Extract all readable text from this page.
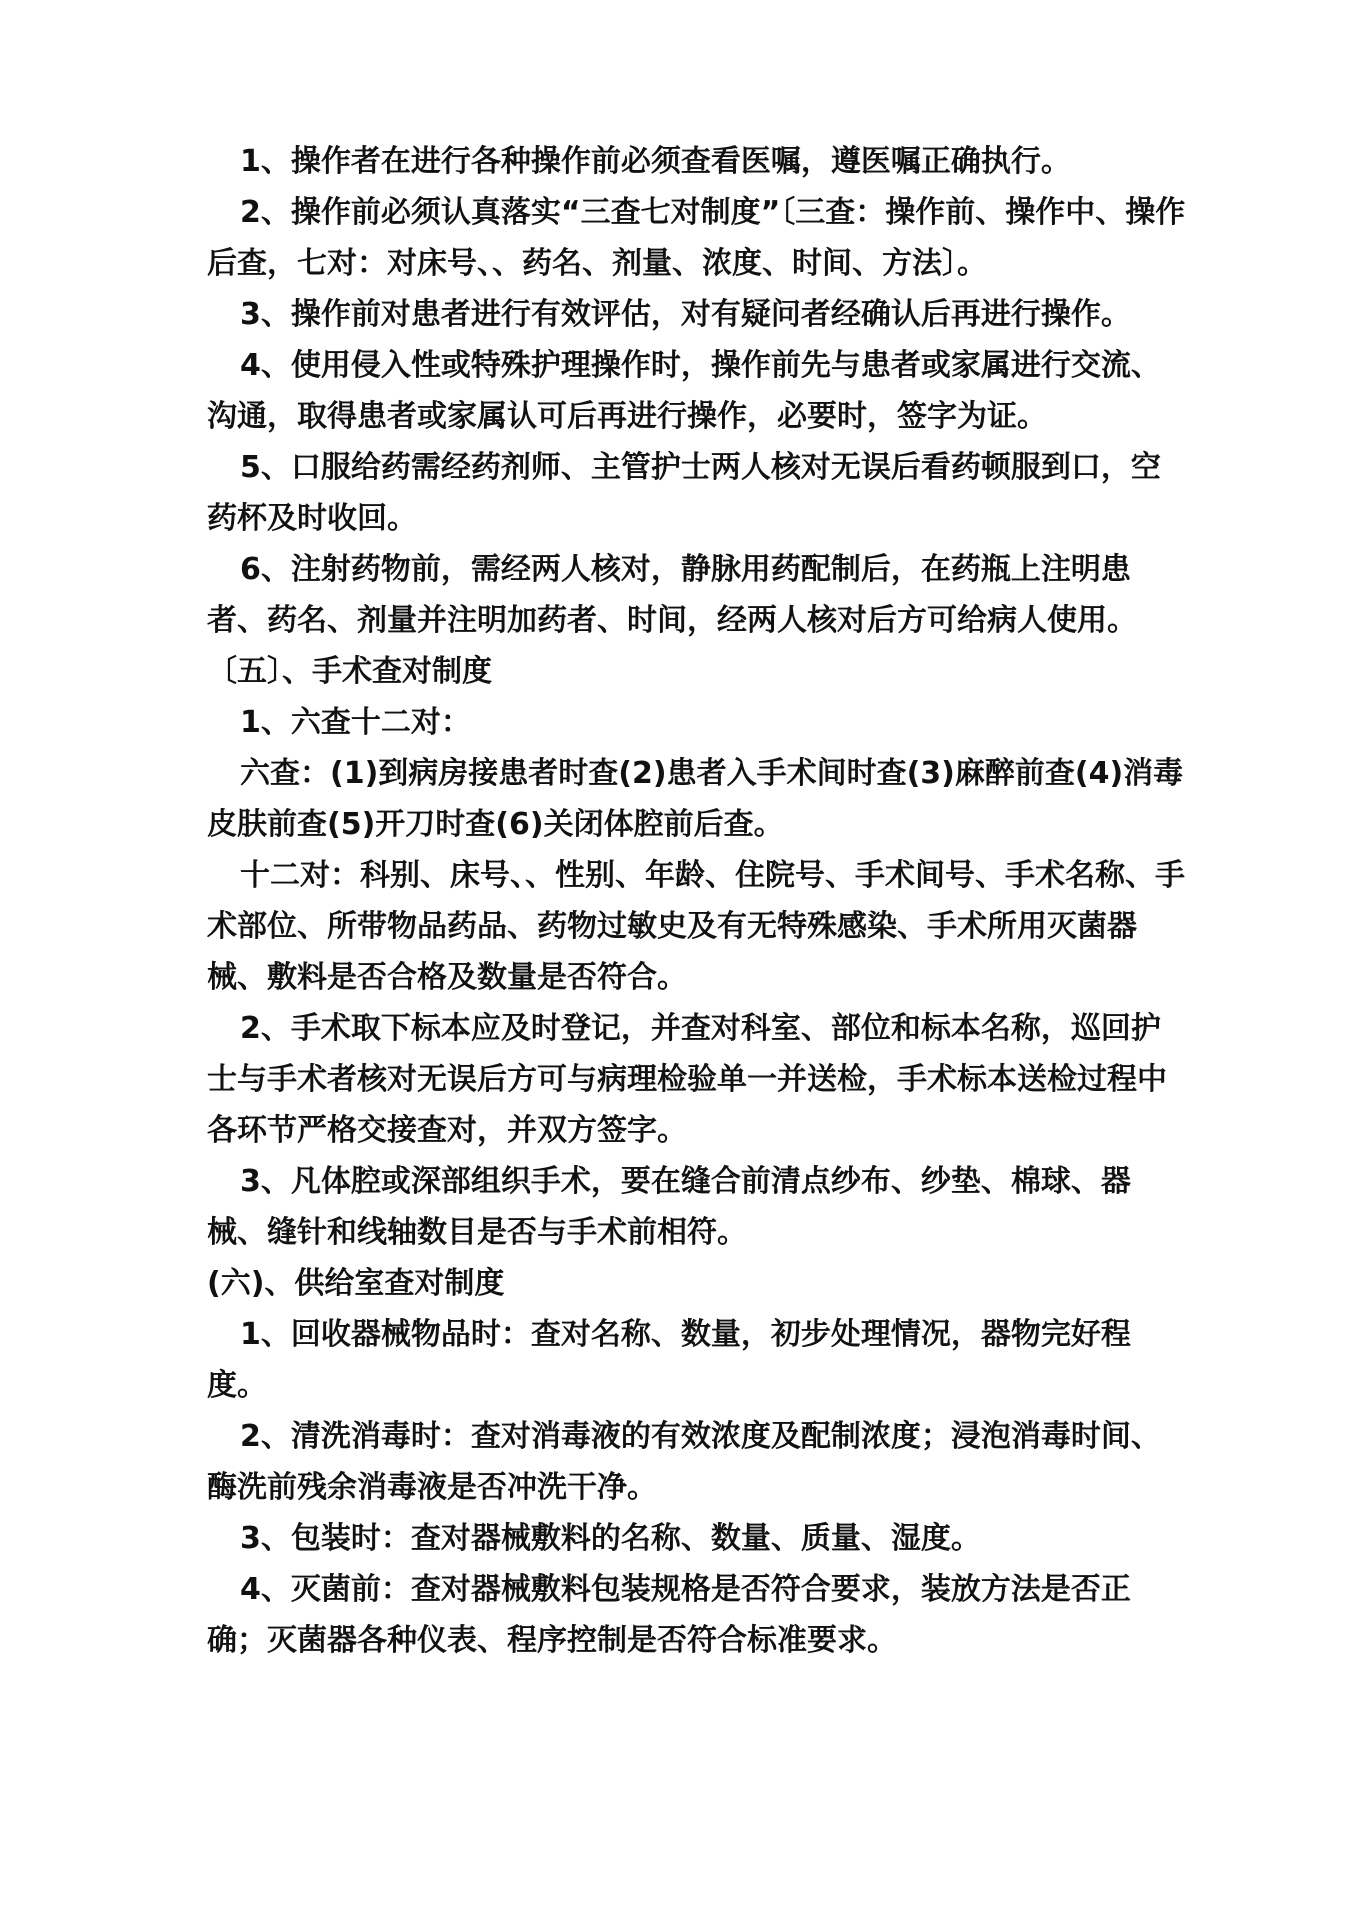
1、操作者在进行各种操作前必须查看医嘱，遵医嘱正确执行。

2、操作前必须认真落实“三查七对制度”〔三查：操作前、操作中、操作后查，七对：对床号、、药名、剂量、浓度、时间、方法〕。

3、操作前对患者进行有效评估，对有疑问者经确认后再进行操作。

4、使用侵入性或特殊护理操作时，操作前先与患者或家属进行交流、沟通，取得患者或家属认可后再进行操作，必要时，签字为证。

5、口服给药需经药剂师、主管护士两人核对无误后看药顿服到口，空药杯及时收回。

6、注射药物前，需经两人核对，静脉用药配制后，在药瓶上注明患者、药名、剂量并注明加药者、时间，经两人核对后方可给病人使用。

〔五〕、手术查对制度

1、六查十二对：

六查：(1)到病房接患者时查(2)患者入手术间时查(3)麻醉前查(4)消毒皮肤前查(5)开刀时查(6)关闭体腔前后查。

十二对：科别、床号、、性别、年龄、住院号、手术间号、手术名称、手术部位、所带物品药品、药物过敏史及有无特殊感染、手术所用灭菌器械、敷料是否合格及数量是否符合。

2、手术取下标本应及时登记，并查对科室、部位和标本名称，巡回护士与手术者核对无误后方可与病理检验单一并送检，手术标本送检过程中各环节严格交接查对，并双方签字。

3、凡体腔或深部组织手术，要在缝合前清点纱布、纱垫、棉球、器械、缝针和线轴数目是否与手术前相符。

(六)、供给室查对制度

1、回收器械物品时：查对名称、数量，初步处理情况，器物完好程度。

2、清洗消毒时：查对消毒液的有效浓度及配制浓度；浸泡消毒时间、酶洗前残余消毒液是否冲洗干净。

3、包装时：查对器械敷料的名称、数量、质量、湿度。

4、灭菌前：查对器械敷料包装规格是否符合要求，装放方法是否正确；灭菌器各种仪表、程序控制是否符合标准要求。
